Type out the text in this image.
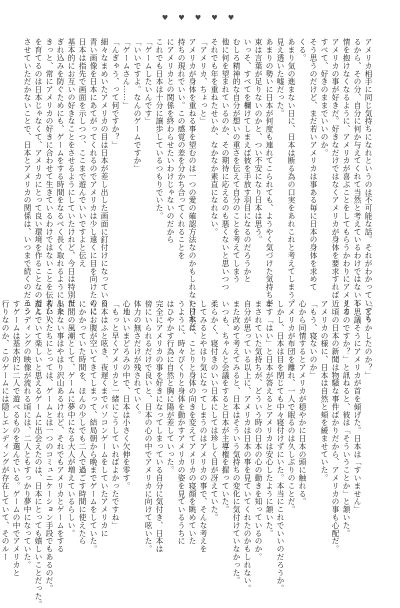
♥ ♥ ♥ ♥ ♥
アメリカ相手に同じ気持ちになれというのは不可能な話。それがわかっていても
るから、その分、自分に何か与えてくれて当然と考えているわけではないし
情を抱けなくなるように、アメリカが喜ぶことをしてもらうかわりにアメリカ
アメリカの事が好きだ。好きなだけではなくアメリカが身体を要求すれば
すべて、好きのままでいいのか。
そう思うのだけど、まだ若いアメリカは事ある毎に日本の身体を求めて
くる。
あまり気の進まない日に、日本は断る為の口実をあれこれと考えてしまう。
見え透いた嘘だった。
あまりの勢いに日本が何度も連れてこられても、ようやく気づけた気持ちが
束は言葉が足りないのかと、つい不安になり日本は思う。
いっそ、すべてを欄けてしまえば彼を手放す羽目になるのだろうかと
むしろ精神的な自分が想いの重さを伝えて自分のことを考えてしまう
他に何を望まれているのか、その期待に応えるのも悪くないと思いつつ
それでも年を重ねたせいか、なかなか素直になれない。
「アメリカ、ちょっと」
アメリカが身体を重ねる事を望むのは一つの愛の確認方法なのかもしれないけれど
持ちの現れでいい。この感覚の差を分かち合ってくれることを
にアメリカとの関係を終わらせたいわけじゃないのだから
これでも日本は十分に譲歩しているつもりでいた。
「ゲームしたいんです」
「いいですよ。なんのゲームですか」
「ゲームさん……」
「んぎゃう、って何ですか？」
細々なまめいたアメリカの目は日本が差し出した画面に釘付けになっている
青い画像を日本にあてがってくれるのでアメリカは少し遠くに目を向けたのに
日本は指先で画面を示しつつ、ここまで遊んでいいですよと伝え
基本的にお互いの好きなことをさせるようにしていたけれど、今日は特別だ
ぎれ込みを防ぐためにも、ゲームをする時間をなるべく長く取れるようにした
きっと、常にアメリカの好きに合わせて生きているわけではないことを伝えたい
を育てるのは日本じゃなくて、アメリカにとって良い環境を作ることなのだと
させていただかないことで、日本とアメリカの関係は、いつまで続くのだろう
「どうかしたのか？」
不思議そうにアメリカが首を傾げた。日本は「すいません」
えるのですか？」と訊ねると、彼は「そういうことか」と頷いた。
近頃の日本の新聞は物騒な事件ばかりだから、アメリカの事も心配だ。
アメリカの様に、日本は自然と頬を緩ませていた。
「もう、寝ないのか」
心から同情するとアメリカが穏やかに日本の頭に触れる。
アメリカが布団を離れ、一人で眠るのは久しぶりのことだ。
しかし、日本は目を閉じても中々寝付けずにいた。本当にこれでいいのだろうか。
ます「はい」と日本が答えるとアメリカは安心したように頷いた。
まされていた気持ちが、どういう時の日本の心の動きを知っているのか。
自分が思っている以上に、アメリカは日本の事を見ていてくれたのかもしれない。
また改めて考えてみると、日本はそういう気持ちの変化に気付けていなかった。
いつも、ちゃんと会議をすると日本が主導権を握っていた。
柔らかく、寝付きのいい日本にしては珍しく目が冴えていた。
してみるとやはり気になってしまうのはアメリカの事で、そんな考えを
た日本は、ことりと身体の向きを変えてアメリカの寝顔を眺めていた
うように、時々ぴくりと身体を動かすアメリカの姿を見ているうちに
はひやかす行為に自然と胸に陽が差していった。
完全にアメリカの事を好きになってしまっている自分に気付き、日本は
傍にいられるだけで良いと、日本の心の中でアメリカに向けて呟いた。
体力の無さだけが残されていく。
心地いいまどろみの中で、日本は小さく欠伸を零す。
「もっと早くアメリカと一緒にこうしていればよかったですね」
日本はふと呟き、夜遅くまでパソコンゲームをしていたアメリカに
らにお腹が空いてきてしまって、結局朝から晩までゲームをしていた。
にかかっていた時間を、ほんの少しでも二人で過ごす時間に使えたら
世間の風潮として、ゲームに夢中になる大人が増えているらしい。
出来ない事はやはり沢山あるけれど、それでもアメリカとゲームをする
若い人たちにとっては、ゲームとは一つのコミュニケーション手段でもあるのだ。
遊んでいて楽しいと思えるゲームに出会えたのは、日本にとっても嬉しいことだった。
エンディングの映像が流れる頃には、二人ともすっかり夢中になっていた。
すゲームは基本的に二人で遊べるものを選んでいる。ゲームの中でアメリカと
行りなのか、このゲームには隠しエンディングが存在していて、そのルー
